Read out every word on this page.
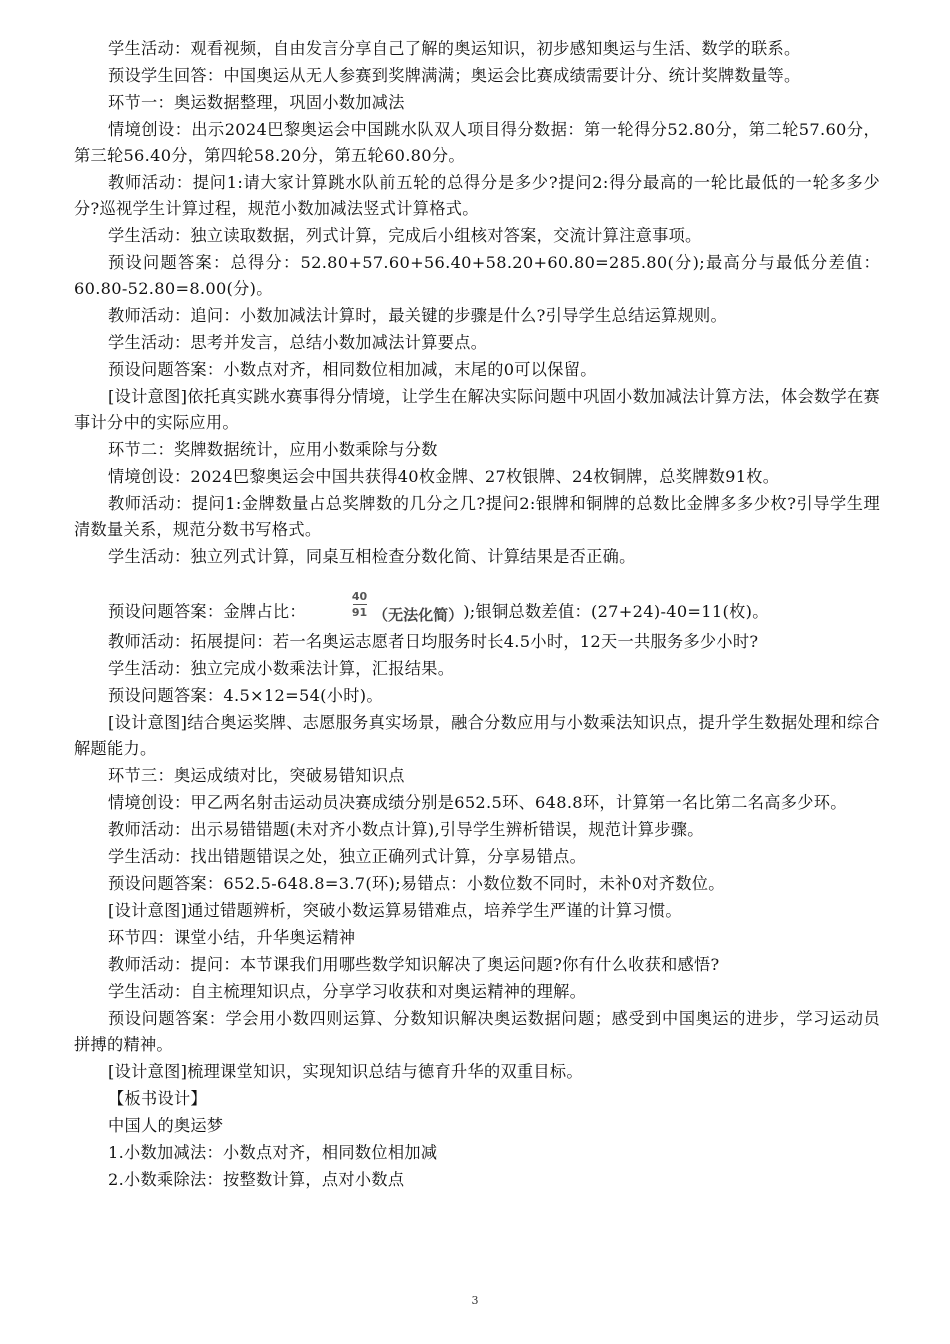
学生活动：观看视频，自由发言分享自己了解的奥运知识，初步感知奥运与生活、数学的联系。

预设学生回答：中国奥运从无人参赛到奖牌满满；奥运会比赛成绩需要计分、统计奖牌数量等。

环节一：奥运数据整理，巩固小数加减法

情境创设：出示2024巴黎奥运会中国跳水队双人项目得分数据：第一轮得分52.80分，第二轮57.60分，第三轮56.40分，第四轮58.20分，第五轮60.80分。

教师活动：提问1:请大家计算跳水队前五轮的总得分是多少?提问2:得分最高的一轮比最低的一轮多多少分?巡视学生计算过程，规范小数加减法竖式计算格式。

学生活动：独立读取数据，列式计算，完成后小组核对答案，交流计算注意事项。

预设问题答案：总得分：52.80+57.60+56.40+58.20+60.80=285.80(分);最高分与最低分差值：60.80-52.80=8.00(分)。

教师活动：追问：小数加减法计算时，最关键的步骤是什么?引导学生总结运算规则。

学生活动：思考并发言，总结小数加减法计算要点。

预设问题答案：小数点对齐，相同数位相加减，末尾的0可以保留。

[设计意图]依托真实跳水赛事得分情境，让学生在解决实际问题中巩固小数加减法计算方法，体会数学在赛事计分中的实际应用。

环节二：奖牌数据统计，应用小数乘除与分数

情境创设：2024巴黎奥运会中国共获得40枚金牌、27枚银牌、24枚铜牌，总奖牌数91枚。

教师活动：提问1:金牌数量占总奖牌数的几分之几?提问2:银牌和铜牌的总数比金牌多多少枚?引导学生理清数量关系，规范分数书写格式。

学生活动：独立列式计算，同桌互相检查分数化简、计算结果是否正确。

预设问题答案：金牌占比：	$\frac{40}{91}$ （无法化简） );银铜总数差值：(27+24)-40=11(枚)。

教师活动：拓展提问：若一名奥运志愿者日均服务时长4.5小时，12天一共服务多少小时?

学生活动：独立完成小数乘法计算，汇报结果。

预设问题答案：4.5×12=54(小时)。

[设计意图]结合奥运奖牌、志愿服务真实场景，融合分数应用与小数乘法知识点，提升学生数据处理和综合解题能力。

环节三：奥运成绩对比，突破易错知识点

情境创设：甲乙两名射击运动员决赛成绩分别是652.5环、648.8环，计算第一名比第二名高多少环。

教师活动：出示易错错题(未对齐小数点计算),引导学生辨析错误，规范计算步骤。

学生活动：找出错题错误之处，独立正确列式计算，分享易错点。

预设问题答案：652.5-648.8=3.7(环);易错点：小数位数不同时，未补0对齐数位。

[设计意图]通过错题辨析，突破小数运算易错难点，培养学生严谨的计算习惯。

环节四：课堂小结，升华奥运精神

教师活动：提问：本节课我们用哪些数学知识解决了奥运问题?你有什么收获和感悟?

学生活动：自主梳理知识点，分享学习收获和对奥运精神的理解。

预设问题答案：学会用小数四则运算、分数知识解决奥运数据问题；感受到中国奥运的进步，学习运动员拼搏的精神。

[设计意图]梳理课堂知识，实现知识总结与德育升华的双重目标。

【板书设计】

中国人的奥运梦

1.小数加减法：小数点对齐，相同数位相加减

2.小数乘除法：按整数计算，点对小数点

3
